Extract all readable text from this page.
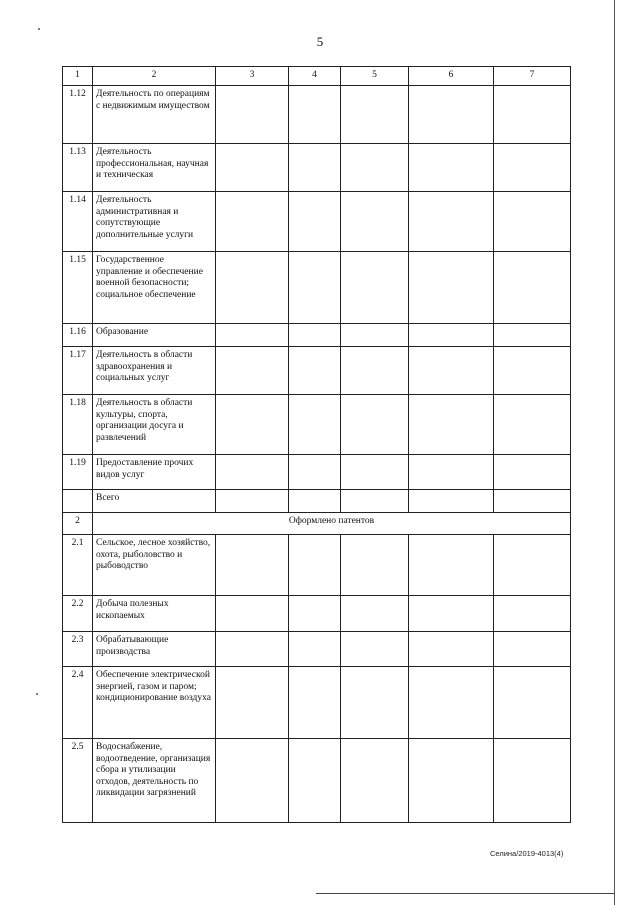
5
1	2	3	4	5	6	7
1.12	Деятельность по операциям с недвижимым имуществом					
1.13	Деятельность профессиональная, научная и техническая					
1.14	Деятельность административная и сопутствующие дополнительные услуги					
1.15	Государственное управление и обеспечение военной безопасности; социальное обеспечение					
1.16	Образование					
1.17	Деятельность в области здравоохранения и социальных услуг					
1.18	Деятельность в области культуры, спорта, организации досуга и развлечений					
1.19	Предоставление прочих видов услуг					
	Всего					
2	Оформлено патентов					
2.1	Сельское, лесное хозяйство, охота, рыболовство и рыбоводство					
2.2	Добыча полезных ископаемых					
2.3	Обрабатывающие производства					
2.4	Обеспечение электрической энергией, газом и паром; кондиционирование воздуха					
2.5	Водоснабжение, водоотведение, организация сбора и утилизации отходов, деятельность по ликвидации загрязнений					
Селина/2019-4013(4)
